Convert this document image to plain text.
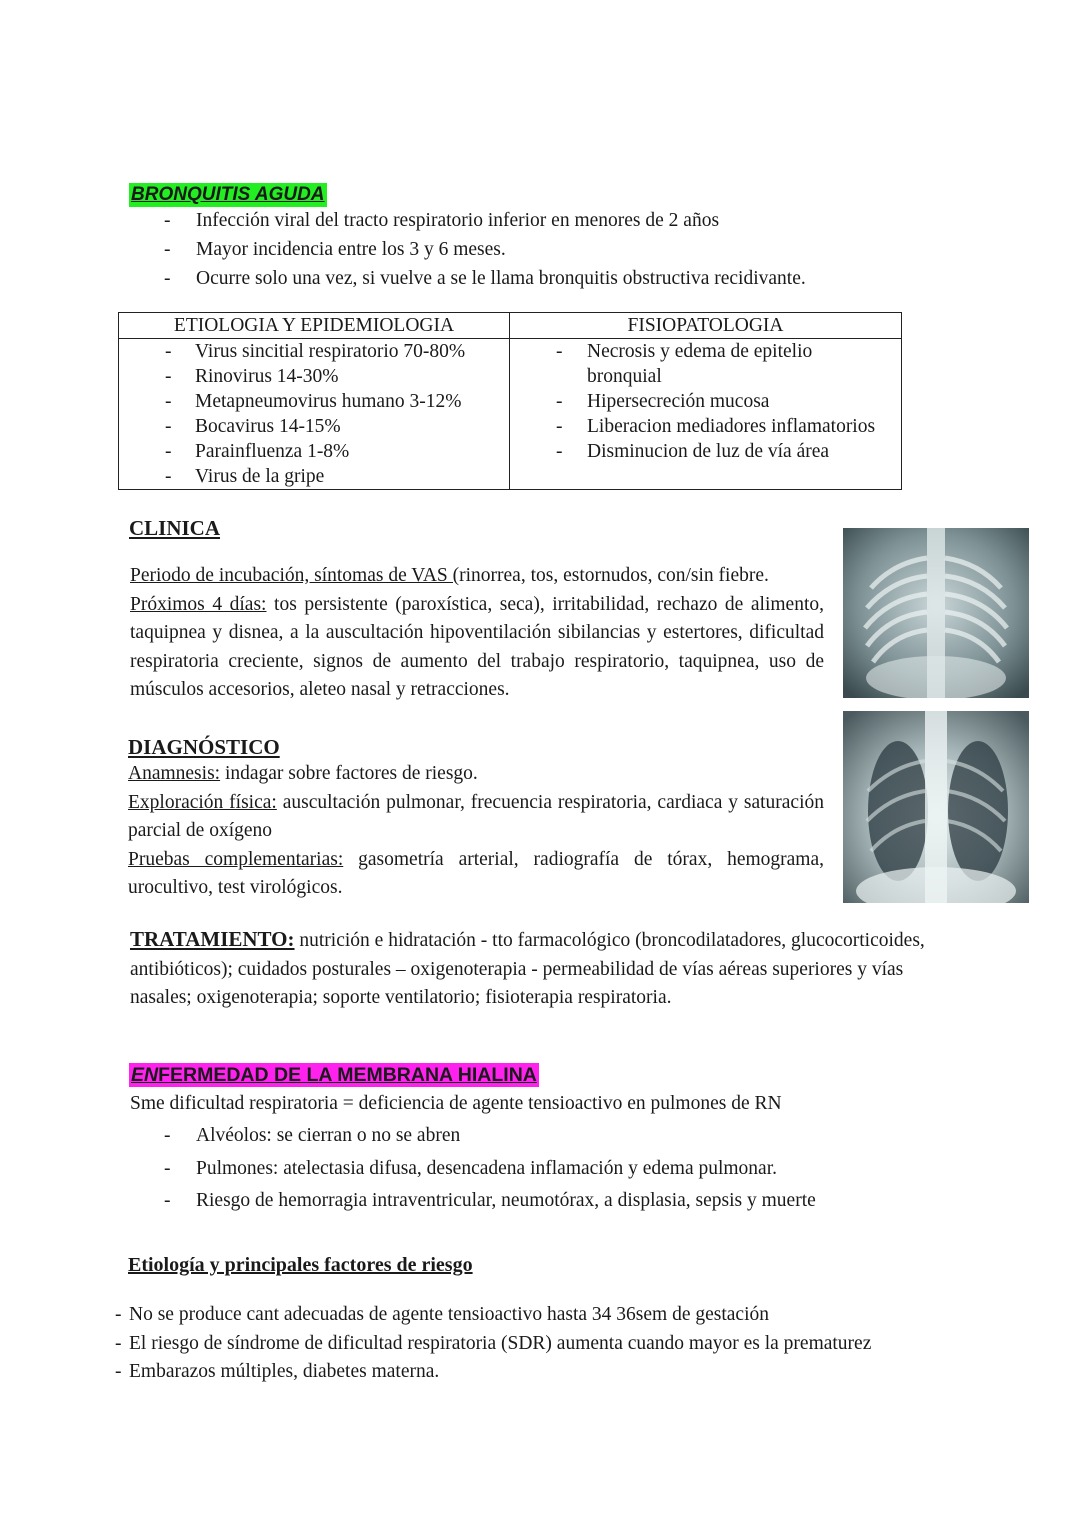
BRONQUITIS AGUDA
- Infección viral del tracto respiratorio inferior en menores de 2 años
- Mayor incidencia entre los 3 y 6 meses.
- Ocurre solo una vez, si vuelve a se le llama bronquitis obstructiva recidivante.
ETIOLOGIA Y EPIDEMIOLOGIA
- Virus sincitial respiratorio 70-80%
- Rinovirus 14-30%
- Metapneumovirus humano 3-12%
- Bocavirus 14-15%
- Parainfluenza 1-8%
- Virus de la gripe
FISIOPATOLOGIA
- Necrosis y edema de epitelio bronquial
- Hipersecreción mucosa
- Liberacion mediadores inflamatorios
- Disminucion de luz de vía área
CLINICA
Periodo de incubación, síntomas de VAS (rinorrea, tos, estornudos, con/sin fiebre.
Próximos 4 días: tos persistente (paroxística, seca), irritabilidad, rechazo de alimento, taquipnea y disnea, a la auscultación hipoventilación sibilancias y estertores, dificultad respiratoria creciente, signos de aumento del trabajo respiratorio, taquipnea, uso de músculos accesorios, aleteo nasal y retracciones.
DIAGNÓSTICO
Anamnesis: indagar sobre factores de riesgo.
Exploración física: auscultación pulmonar, frecuencia respiratoria, cardiaca y saturación parcial de oxígeno
Pruebas complementarias: gasometría arterial, radiografía de tórax, hemograma, urocultivo, test virológicos.
TRATAMIENTO: nutrición e hidratación - tto farmacológico (broncodilatadores, glucocorticoides, antibióticos); cuidados posturales – oxigenoterapia - permeabilidad de vías aéreas superiores y vías nasales; oxigenoterapia; soporte ventilatorio; fisioterapia respiratoria.
ENFERMEDAD DE LA MEMBRANA HIALINA
Sme dificultad respiratoria = deficiencia de agente tensioactivo en pulmones de RN
- Alvéolos: se cierran o no se abren
- Pulmones: atelectasia difusa, desencadena inflamación y edema pulmonar.
- Riesgo de hemorragia intraventricular, neumotórax, a displasia, sepsis y muerte
Etiología y principales factores de riesgo
- No se produce cant adecuadas de agente tensioactivo hasta 34 36sem de gestación
- El riesgo de síndrome de dificultad respiratoria (SDR) aumenta cuando mayor es la prematurez
- Embarazos múltiples, diabetes materna.
